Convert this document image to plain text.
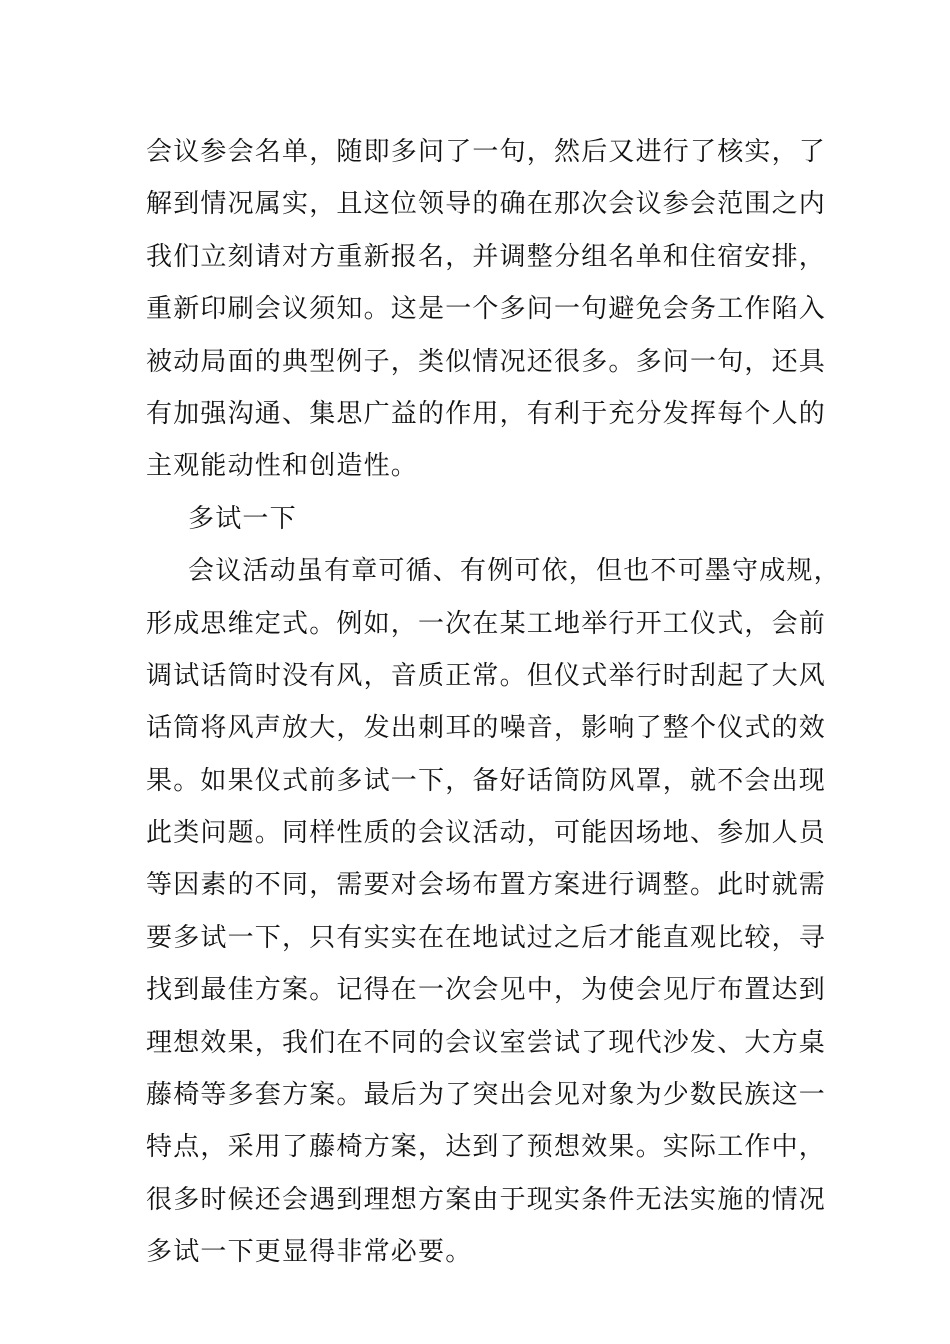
会议参会名单，随即多问了一句，然后又进行了核实，了
解到情况属实，且这位领导的确在那次会议参会范围之内
我们立刻请对方重新报名，并调整分组名单和住宿安排，
重新印刷会议须知。这是一个多问一句避免会务工作陷入
被动局面的典型例子，类似情况还很多。多问一句，还具
有加强沟通、集思广益的作用，有利于充分发挥每个人的
主观能动性和创造性。
多试一下
会议活动虽有章可循、有例可依，但也不可墨守成规，
形成思维定式。例如，一次在某工地举行开工仪式，会前
调试话筒时没有风，音质正常。但仪式举行时刮起了大风
话筒将风声放大，发出刺耳的噪音，影响了整个仪式的效
果。如果仪式前多试一下，备好话筒防风罩，就不会出现
此类问题。同样性质的会议活动，可能因场地、参加人员
等因素的不同，需要对会场布置方案进行调整。此时就需
要多试一下，只有实实在在地试过之后才能直观比较，寻
找到最佳方案。记得在一次会见中，为使会见厅布置达到
理想效果，我们在不同的会议室尝试了现代沙发、大方桌
藤椅等多套方案。最后为了突出会见对象为少数民族这一
特点，采用了藤椅方案，达到了预想效果。实际工作中，
很多时候还会遇到理想方案由于现实条件无法实施的情况
多试一下更显得非常必要。
